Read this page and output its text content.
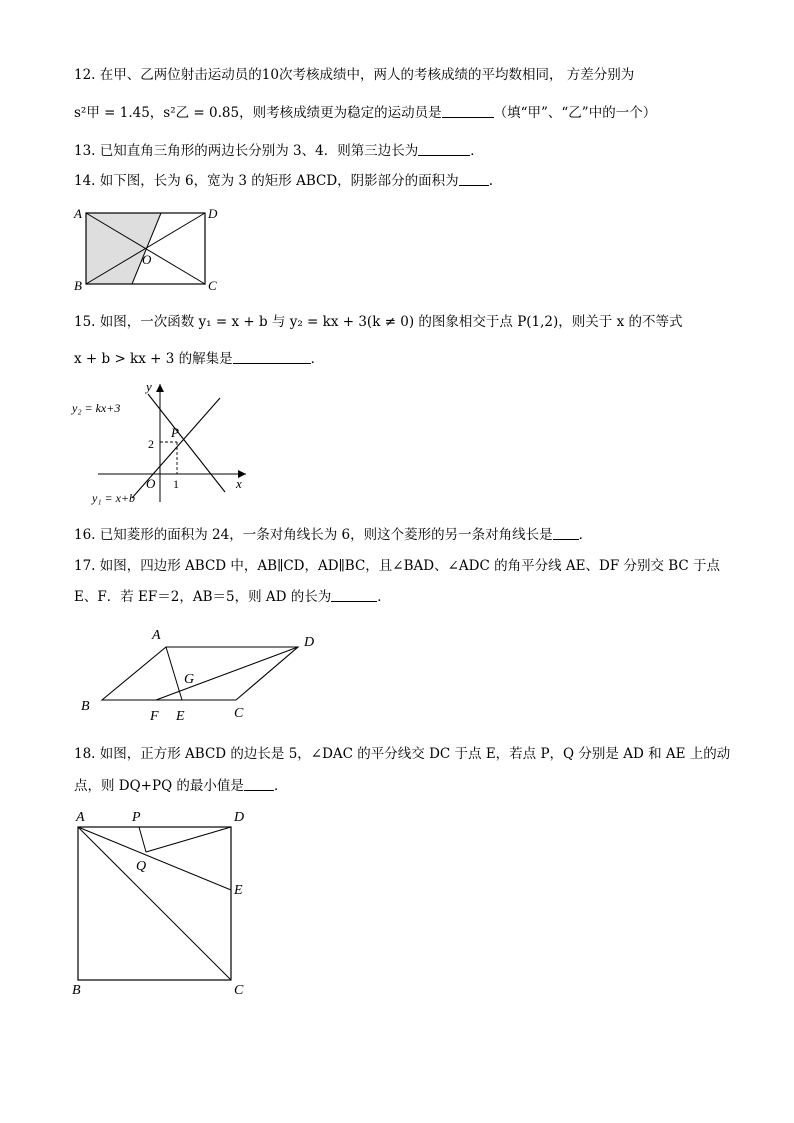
12. 在甲、乙两位射击运动员的10次考核成绩中，两人的考核成绩的平均数相同， 方差分别为
s²甲 = 1.45，s²乙 = 0.85，则考核成绩更为稳定的运动员是	（填“甲”、“乙”中的一个）
13. 已知直角三角形的两边长分别为 3、4．则第三边长为	．
14. 如下图，长为 6，宽为 3 的矩形 ABCD，阴影部分的面积为 .
A	D
B	C
O
15. 如图，一次函数 y₁ = x + b 与 y₂ = kx + 3(k ≠ 0) 的图象相交于点 P(1,2)，则关于 x 的不等式
x + b > kx + 3 的解集是	．
y
x
O
P
2
1
y₂ = kx+3
y₁ = x+b
16. 已知菱形的面积为 24，一条对角线长为 6，则这个菱形的另一条对角线长是 ．
17. 如图，四边形 ABCD 中，AB∥CD，AD∥BC，且∠BAD、∠ADC 的角平分线 AE、DF 分别交 BC 于点
E、F．若 EF＝2，AB＝5，则 AD 的长为	．
A	D
B	C
F E
G
18. 如图，正方形 ABCD 的边长是 5，∠DAC 的平分线交 DC 于点 E，若点 P，Q 分别是 AD 和 AE 上的动
点，则 DQ+PQ 的最小值是 ．
A	D
B	C
P
Q
E
